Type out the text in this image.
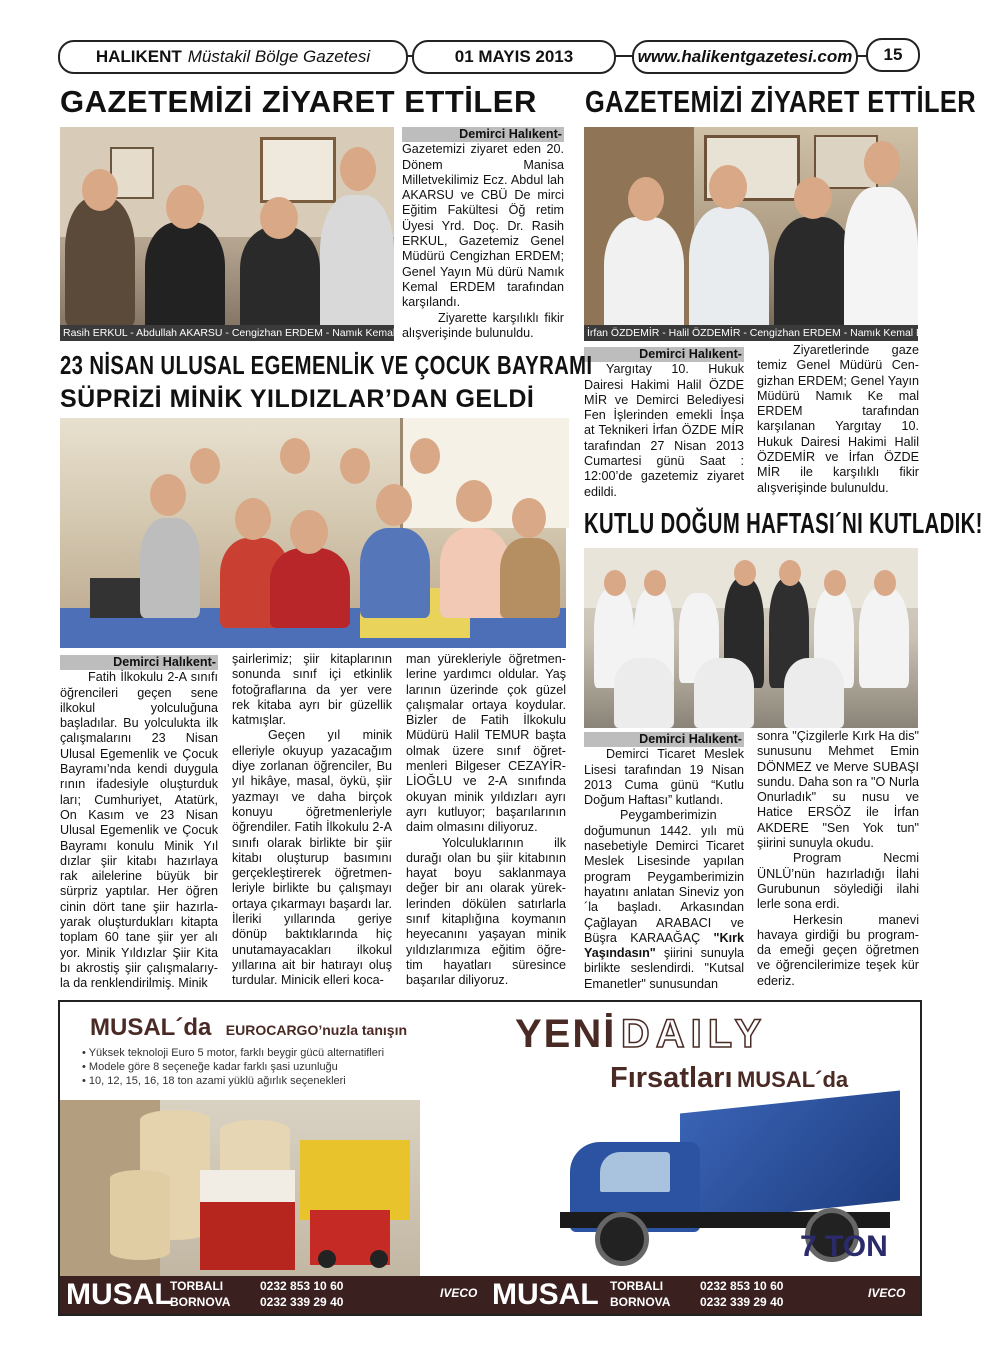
HALIKENT Müstakil Bölge Gazetesi	01 MAYIS 2013	www.halikentgazetesi.com 15
GAZETEMİZİ ZİYARET ETTİLER
Rasih ERKUL - Abdullah AKARSU - Cengizhan ERDEM - Namık Kemal ERDEM
Demirci Halıkent-

Gazetemizi ziyaret eden 20. Dönem Manisa Milletvekilimiz Ecz. Abdul lah AKARSU ve CBÜ De mirci Eğitim Fakültesi Öğ retim Üyesi Yrd. Doç. Dr. Rasih ERKUL, Gazetemiz Genel Müdürü Cengizhan ERDEM; Genel Yayın Mü dürü Namık Kemal ERDEM tarafından karşılandı.

Ziyarette karşılıklı fikir alışverişinde bulunuldu.

GAZETEMİZİ ZİYARET ETTİLER
İrfan ÖZDEMİR - Halil ÖZDEMİR - Cengizhan ERDEM - Namık Kemal ERDEM
Demirci Halıkent-

Yargıtay 10. Hukuk Dairesi Hakimi Halil ÖZDE MİR ve Demirci Belediyesi Fen İşlerinden emekli İnşa at Teknikeri İrfan ÖZDE MİR tarafından 27 Nisan 2013 Cumartesi günü Saat : 12:00’de gazetemiz ziyaret edildi.

Ziyaretlerinde gaze temiz Genel Müdürü Cen-gizhan ERDEM; Genel Yayın Müdürü Namık Ke mal ERDEM tarafından karşılanan Yargıtay 10. Hukuk Dairesi Hakimi Halil ÖZDEMİR ve İrfan ÖZDE MİR ile karşılıklı fikir alışverişinde bulunuldu.

23 NİSAN ULUSAL EGEMENLİK VE ÇOCUK BAYRAMI
SÜPRİZİ MİNİK YILDIZLAR’DAN GELDİ
Demirci Halıkent-

Fatih İlkokulu 2-A sınıfı öğrencileri geçen sene ilkokul yolculuğuna başladılar. Bu yolculukta ilk çalışmalarını 23 Nisan Ulusal Egemenlik ve Çocuk Bayramı’nda kendi duygula rının ifadesiyle oluşturduk ları; Cumhuriyet, Atatürk, On Kasım ve 23 Nisan Ulusal Egemenlik ve Çocuk Bayramı konulu Minik Yıl dızlar şiir kitabı hazırlaya rak ailelerine büyük bir sürpriz yaptılar. Her öğren cinin dört tane şiir hazırla-yarak oluşturdukları kitapta toplam 60 tane şiir yer alı yor. Minik Yıldızlar Şiir Kita bı akrostiş şiir çalışmalarıy-la da renklendirilmiş. Minik

şairlerimiz; şiir kitaplarının sonunda sınıf içi etkinlik fotoğraflarına da yer vere rek kitaba ayrı bir güzellik katmışlar.

Geçen yıl minik elleriyle okuyup yazacağım diye zorlanan öğrenciler, Bu yıl hikâye, masal, öykü, şiir yazmayı ve daha birçok konuyu öğretmenleriyle öğrendiler. Fatih İlkokulu 2-A sınıfı olarak birlikte bir şiir kitabı oluşturup basımını gerçekleştirerek öğretmen-leriyle birlikte bu çalışmayı ortaya çıkarmayı başardı lar. İleriki yıllarında geriye dönüp baktıklarında hiç unutamayacakları ilkokul yıllarına ait bir hatırayı oluş turdular. Minicik elleri koca-

man yürekleriyle öğretmen-lerine yardımcı oldular. Yaş larının üzerinde çok güzel çalışmalar ortaya koydular. Bizler de Fatih İlkokulu Müdürü Halil TEMUR başta olmak üzere sınıf öğret-menleri Bilgeser CEZAYİR-LİOĞLU ve 2-A sınıfında okuyan minik yıldızları ayrı ayrı kutluyor; başarılarının daim olmasını diliyoruz.

Yolculuklarının ilk durağı olan bu şiir kitabının hayat boyu saklanmaya değer bir anı olarak yürek-lerinden dökülen satırlarla sınıf kitaplığına koymanın heyecanını yaşayan minik yıldızlarımıza eğitim öğre-tim hayatları süresince başarılar diliyoruz.

KUTLU DOĞUM HAFTASI´NI KUTLADIK!
Demirci Halıkent-

Demirci Ticaret Meslek Lisesi tarafından 19 Nisan 2013 Cuma günü “Kutlu Doğum Haftası” kutlandı.

Peygamberimizin doğumunun 1442. yılı mü nasebetiyle Demirci Ticaret Meslek Lisesinde yapılan program Peygamberimizin hayatını anlatan Sineviz yon´la başladı. Arkasından Çağlayan ARABACI ve Büşra KARAAĞAÇ "Kırk Yaşındasın" şiirini sunuyla birlikte seslendirdi. "Kutsal Emanetler" sunusundan

sonra "Çizgilerle Kırk Ha dis" sunusunu Mehmet Emin DÖNMEZ ve Merve SUBAŞI sundu. Daha son ra "O Nurla Onurladık" su nusu ve Hatice ERSÖZ ile İrfan AKDERE "Sen Yok tun" şiirini sunuyla okudu.

Program Necmi ÜNLÜ’nün hazırladığı İlahi Gurubunun söylediği ilahi lerle sona erdi.

Herkesin manevi havaya girdiği bu program-da emeği geçen öğretmen ve öğrencilerimize teşek kür ederiz.

MUSAL´da EUROCARGO’nuzla tanışın
• Yüksek teknoloji Euro 5 motor, farklı beygir gücü alternatifleri
• Modele göre 8 seçeneğe kadar farklı şasi uzunluğu
• 10, 12, 15, 16, 18 ton azami yüklü ağırlık seçenekleri
YENİ DAILY
Fırsatları MUSAL´da
7 TON
MUSAL
TORBALI
BORNOVA
0232 853 10 60
0232 339 29 40
IVECO MUSAL TORBALI
BORNOVA
0232 853 10 60
0232 339 29 40
IVECO
